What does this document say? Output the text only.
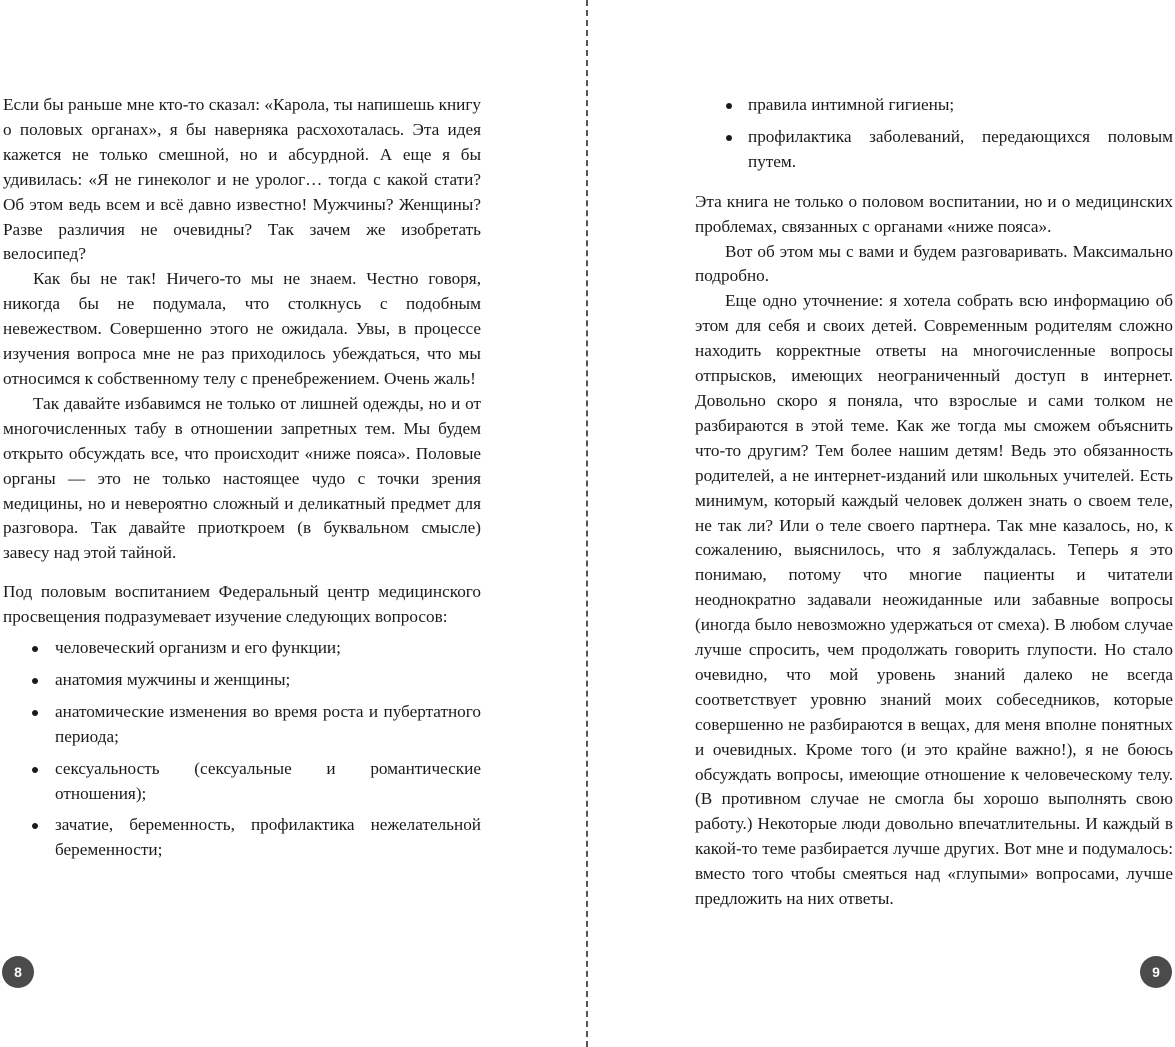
Если бы раньше мне кто-то сказал: «Карола, ты напишешь книгу о половых органах», я бы наверняка расхохоталась. Эта идея кажется не только смешной, но и абсурдной. А еще я бы удивилась: «Я не гинеколог и не уролог… тогда с какой стати? Об этом ведь всем и всё давно известно! Мужчины? Женщины? Разве различия не очевидны? Так зачем же изобретать велосипед?

Как бы не так! Ничего-то мы не знаем. Честно говоря, никогда бы не подумала, что столкнусь с подобным невежеством. Совершенно этого не ожидала. Увы, в процессе изучения вопроса мне не раз приходилось убеждаться, что мы относимся к собственному телу с пренебрежением. Очень жаль!

Так давайте избавимся не только от лишней одежды, но и от многочисленных табу в отношении запретных тем. Мы будем открыто обсуждать все, что происходит «ниже пояса». Половые органы — это не только настоящее чудо с точки зрения медицины, но и невероятно сложный и деликатный предмет для разговора. Так давайте приоткроем (в буквальном смысле) завесу над этой тайной.

Под половым воспитанием Федеральный центр медицинского просвещения подразумевает изучение следующих вопросов:

человеческий организм и его функции;
анатомия мужчины и женщины;
анатомические изменения во время роста и пубертатного периода;
сексуальность (сексуальные и романтические отношения);
зачатие, беременность, профилактика нежелательной беременности;
8
правила интимной гигиены;
профилактика заболеваний, передающихся половым путем.

Эта книга не только о половом воспитании, но и о медицинских проблемах, связанных с органами «ниже пояса».

Вот об этом мы с вами и будем разговаривать. Максимально подробно.

Еще одно уточнение: я хотела собрать всю информацию об этом для себя и своих детей. Современным родителям сложно находить корректные ответы на многочисленные вопросы отпрысков, имеющих неограниченный доступ в интернет. Довольно скоро я поняла, что взрослые и сами толком не разбираются в этой теме. Как же тогда мы сможем объяснить что-то другим? Тем более нашим детям! Ведь это обязанность родителей, а не интернет-изданий или школьных учителей. Есть минимум, который каждый человек должен знать о своем теле, не так ли? Или о теле своего партнера. Так мне казалось, но, к сожалению, выяснилось, что я заблуждалась. Теперь я это понимаю, потому что многие пациенты и читатели неоднократно задавали неожиданные или забавные вопросы (иногда было невозможно удержаться от смеха). В любом случае лучше спросить, чем продолжать говорить глупости. Но стало очевидно, что мой уровень знаний далеко не всегда соответствует уровню знаний моих собеседников, которые совершенно не разбираются в вещах, для меня вполне понятных и очевидных. Кроме того (и это крайне важно!), я не боюсь обсуждать вопросы, имеющие отношение к человеческому телу. (В противном случае не смогла бы хорошо выполнять свою работу.) Некоторые люди довольно впечатлительны. И каждый в какой-то теме разбирается лучше других. Вот мне и подумалось: вместо того чтобы смеяться над «глупыми» вопросами, лучше предложить на них ответы.

9
